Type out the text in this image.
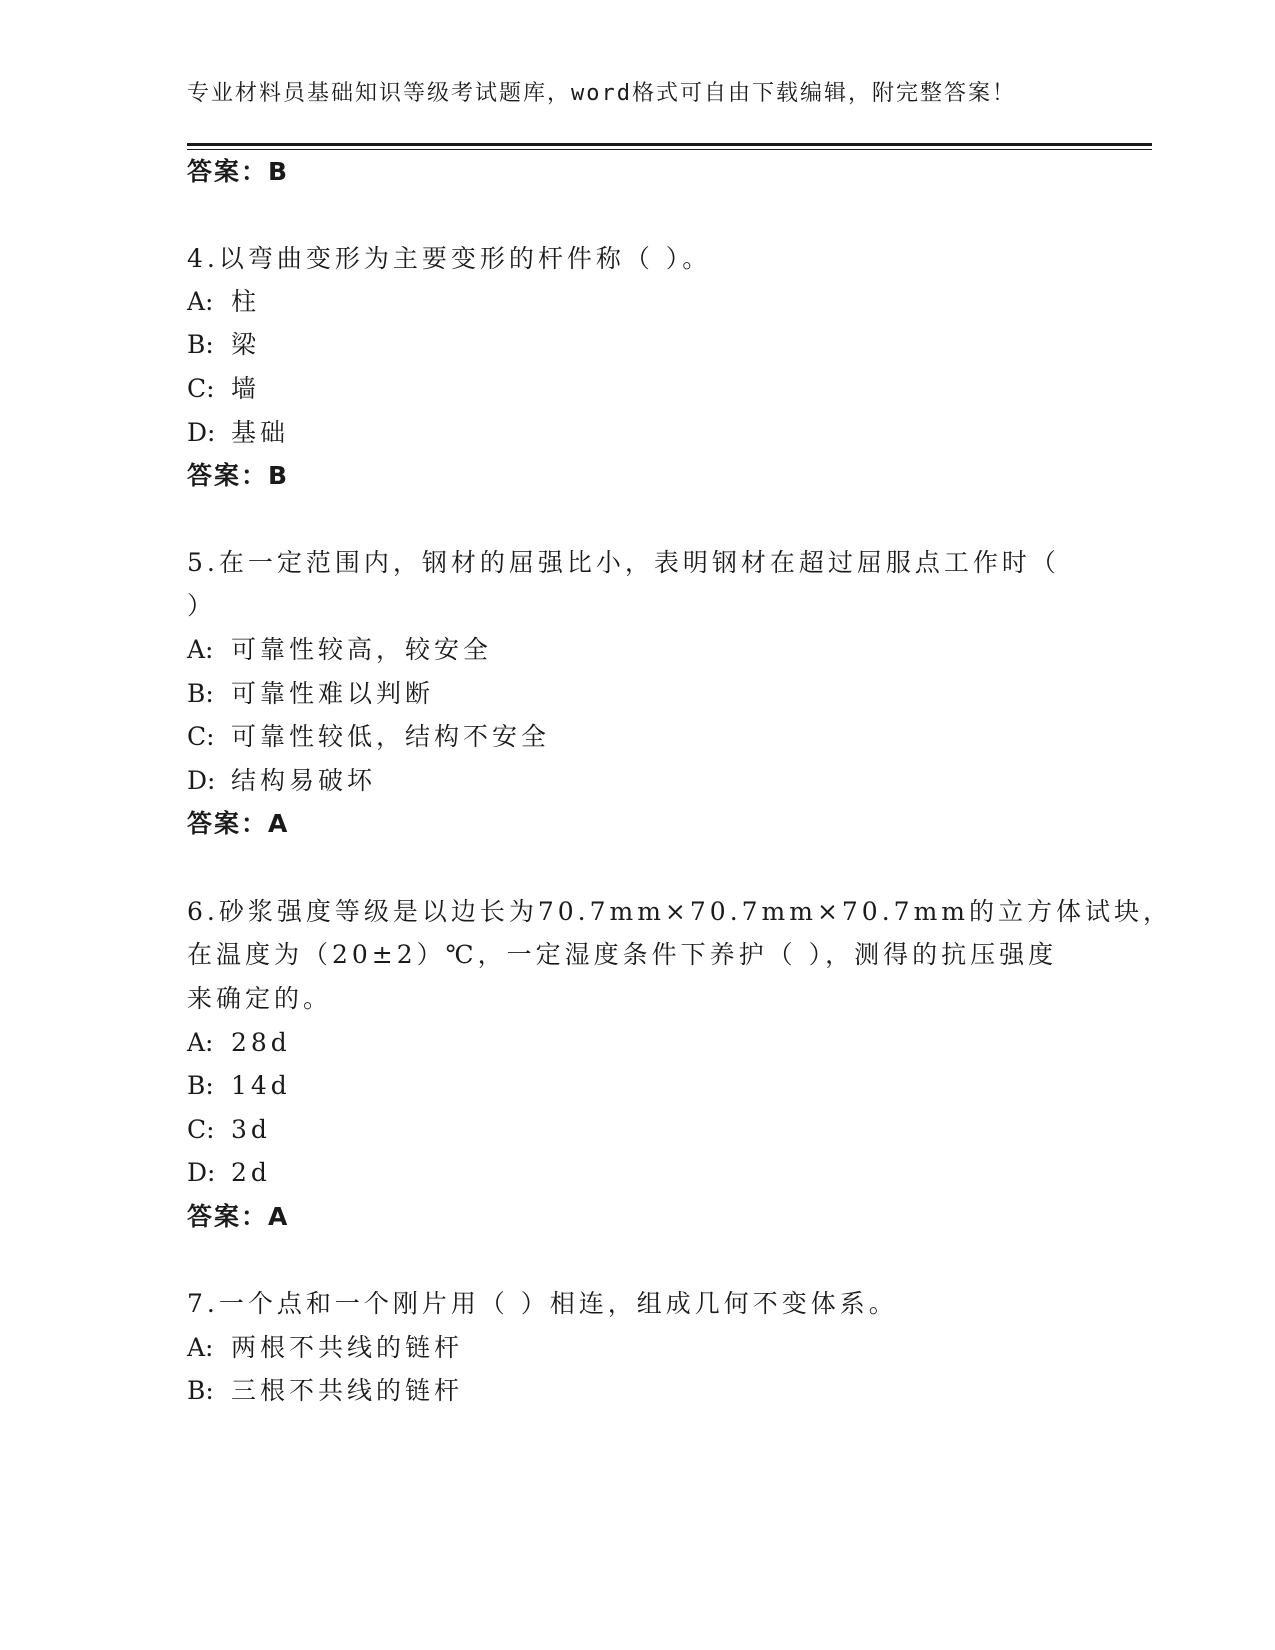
专业材料员基础知识等级考试题库，word格式可自由下载编辑，附完整答案！
答案：B
4.以弯曲变形为主要变形的杆件称（ ）。
A: 柱
B: 梁
C: 墙
D: 基础
答案：B
5.在一定范围内，钢材的屈强比小，表明钢材在超过屈服点工作时（
）
A: 可靠性较高，较安全
B: 可靠性难以判断
C: 可靠性较低，结构不安全
D: 结构易破坏
答案：A
6.砂浆强度等级是以边长为70.7mm×70.7mm×70.7mm的立方体试块，
在温度为（20±2）℃，一定湿度条件下养护（ ），测得的抗压强度
来确定的。
A: 28d
B: 14d
C: 3d
D: 2d
答案：A
7.一个点和一个刚片用（ ）相连，组成几何不变体系。
A: 两根不共线的链杆
B: 三根不共线的链杆
